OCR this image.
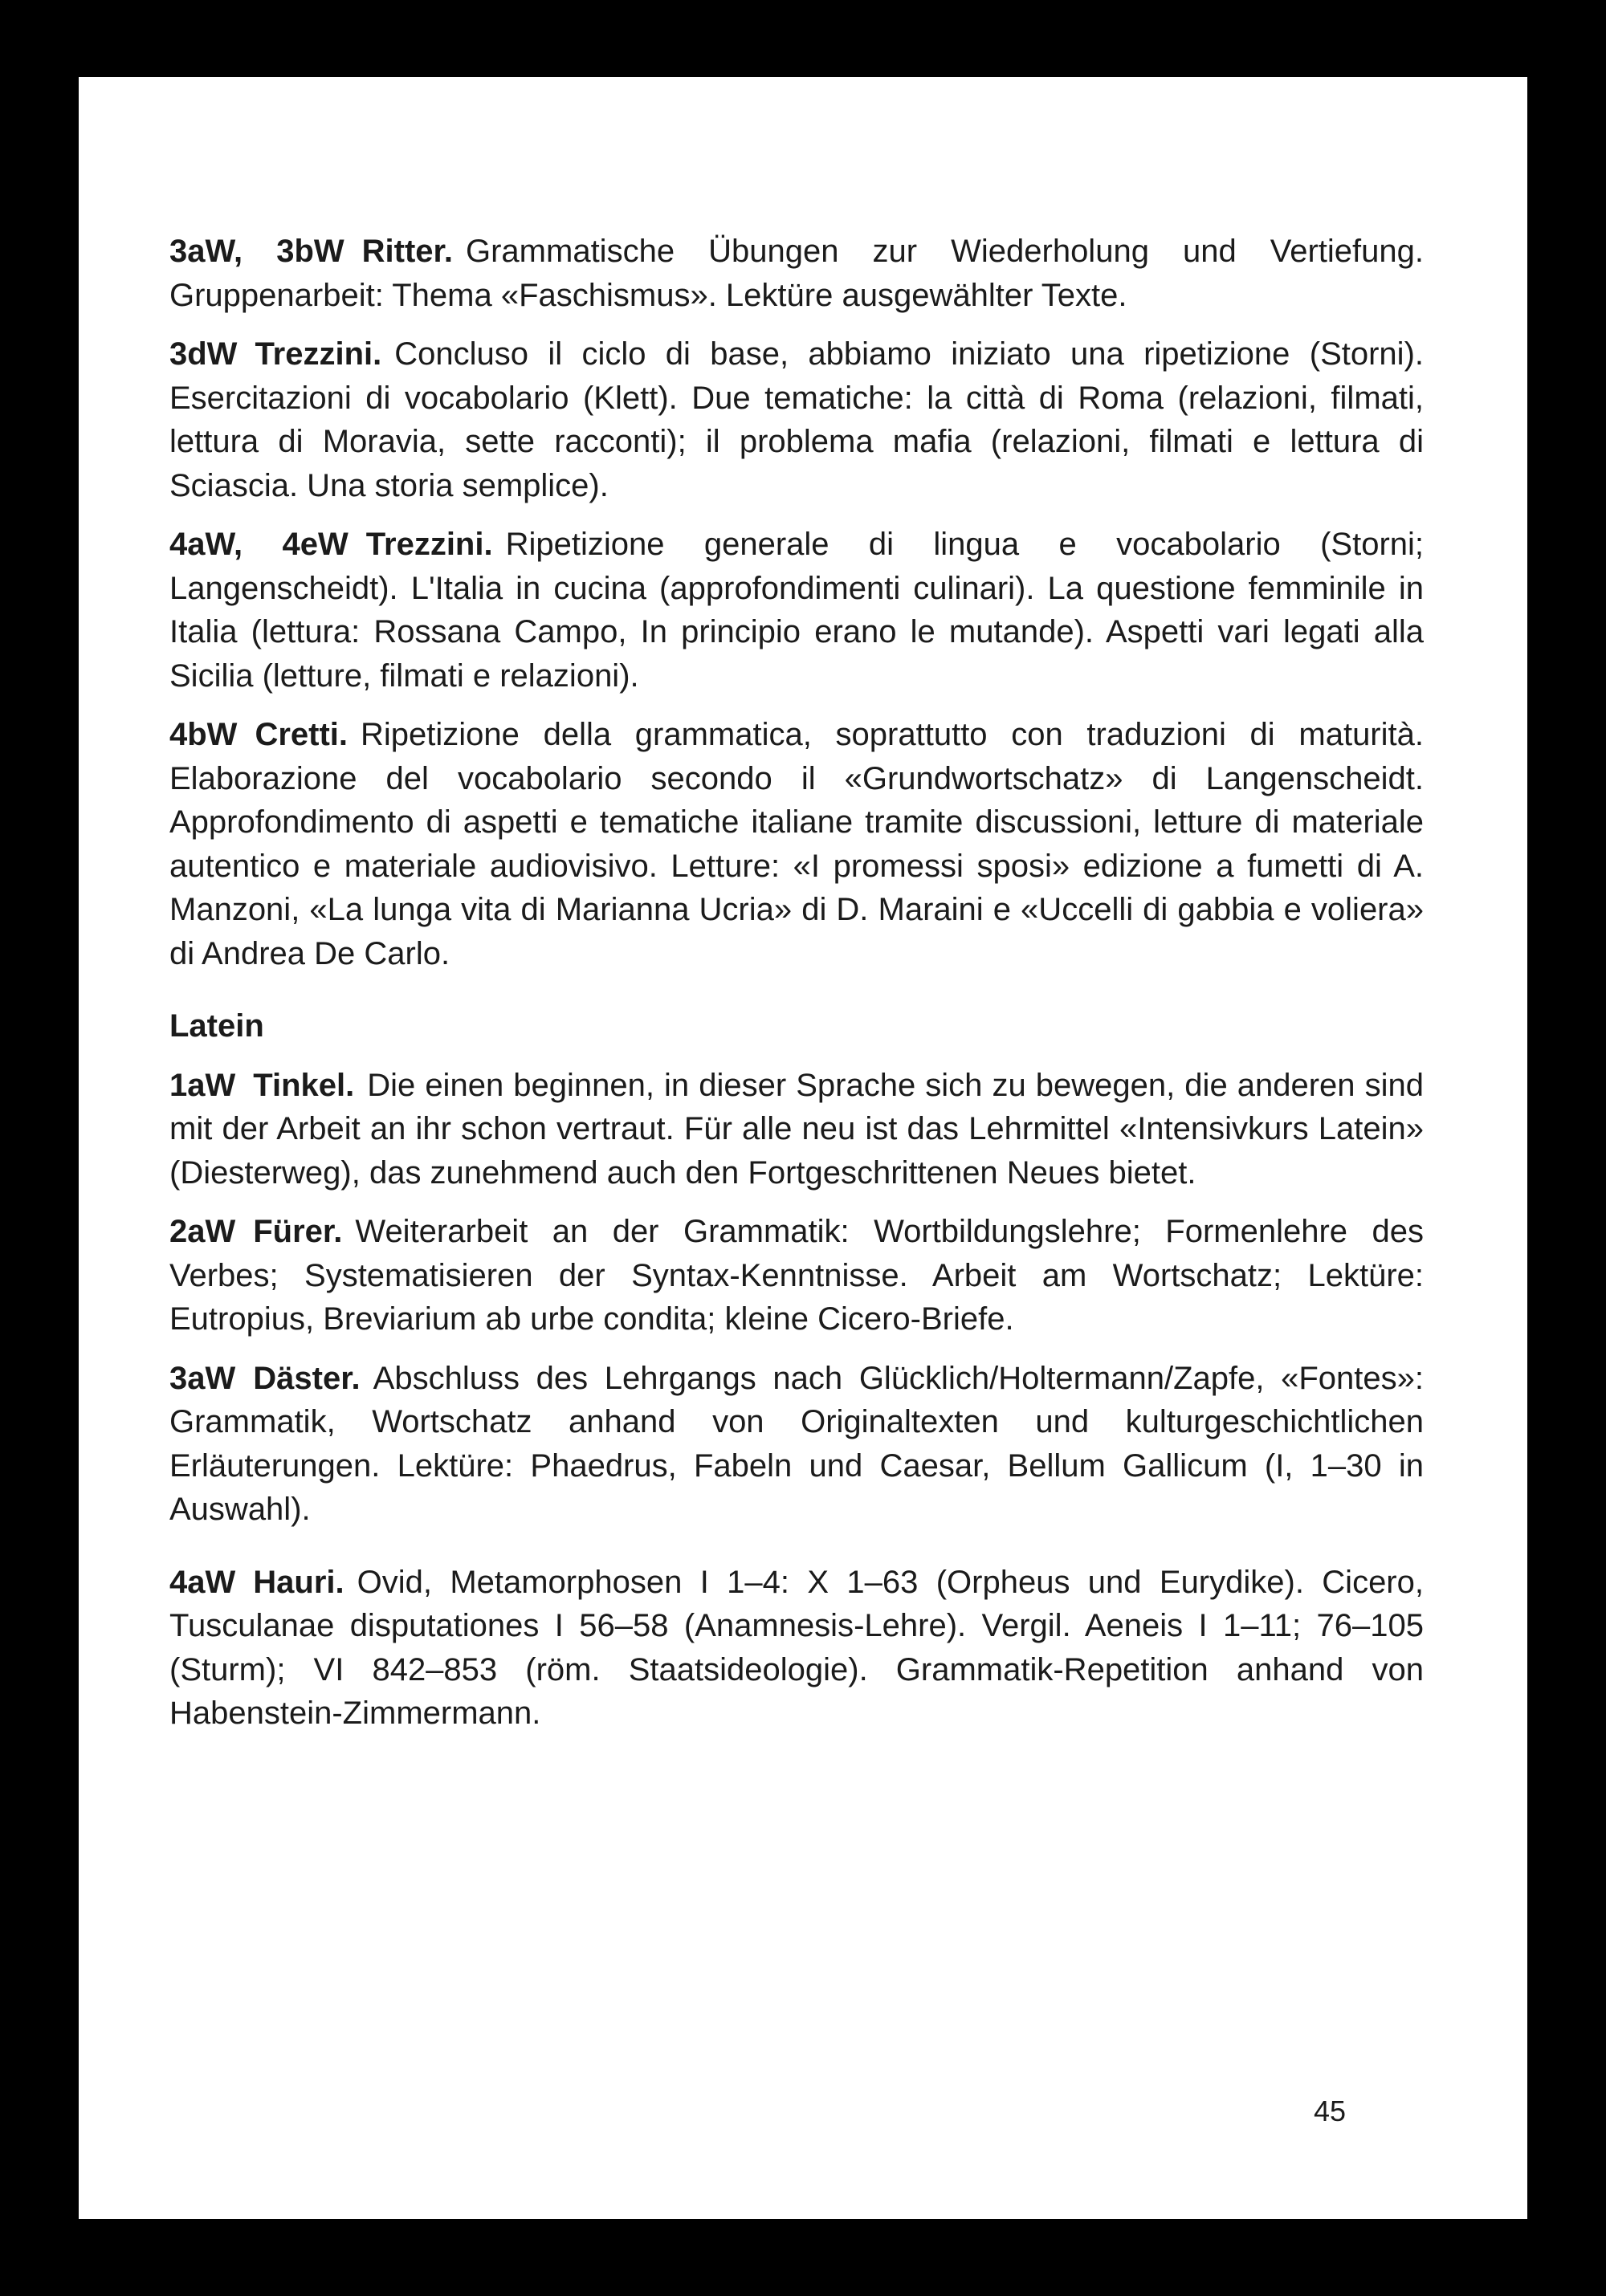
3aW, 3bW Ritter. Grammatische Übungen zur Wiederholung und Vertiefung. Gruppenarbeit: Thema «Faschismus». Lektüre ausgewählter Texte.

3dW Trezzini. Concluso il ciclo di base, abbiamo iniziato una ripetizione (Storni). Esercitazioni di vocabolario (Klett). Due tematiche: la città di Roma (relazioni, filmati, lettura di Moravia, sette racconti); il problema mafia (relazioni, filmati e lettura di Sciascia. Una storia semplice).

4aW, 4eW Trezzini. Ripetizione generale di lingua e vocabolario (Storni; Langenscheidt). L'Italia in cucina (approfondimenti culinari). La questione femminile in Italia (lettura: Rossana Campo, In principio erano le mutande). Aspetti vari legati alla Sicilia (letture, filmati e relazioni).

4bW Cretti. Ripetizione della grammatica, soprattutto con traduzioni di maturità. Elaborazione del vocabolario secondo il «Grundwortschatz» di Langenscheidt. Approfondimento di aspetti e tematiche italiane tramite discussioni, letture di materiale autentico e materiale audiovisivo. Letture: «I promessi sposi» edizione a fumetti di A. Manzoni, «La lunga vita di Marianna Ucria» di D. Maraini e «Uccelli di gabbia e voliera» di Andrea De Carlo.

Latein

1aW Tinkel. Die einen beginnen, in dieser Sprache sich zu bewegen, die anderen sind mit der Arbeit an ihr schon vertraut. Für alle neu ist das Lehrmittel «Intensivkurs Latein» (Diesterweg), das zunehmend auch den Fortgeschrittenen Neues bietet.

2aW Fürer. Weiterarbeit an der Grammatik: Wortbildungslehre; Formenlehre des Verbes; Systematisieren der Syntax-Kenntnisse. Arbeit am Wortschatz; Lektüre: Eutropius, Breviarium ab urbe condita; kleine Cicero-Briefe.

3aW Däster. Abschluss des Lehrgangs nach Glücklich/Holtermann/Zapfe, «Fontes»: Grammatik, Wortschatz anhand von Originaltexten und kulturgeschichtlichen Erläuterungen. Lektüre: Phaedrus, Fabeln und Caesar, Bellum Gallicum (I, 1–30 in Auswahl).

4aW Hauri. Ovid, Metamorphosen I 1–4: X 1–63 (Orpheus und Eurydike). Cicero, Tusculanae disputationes I 56–58 (Anamnesis-Lehre). Vergil. Aeneis I 1–11; 76–105 (Sturm); VI 842–853 (röm. Staatsideologie). Grammatik-Repetition anhand von Habenstein-Zimmermann.

45
